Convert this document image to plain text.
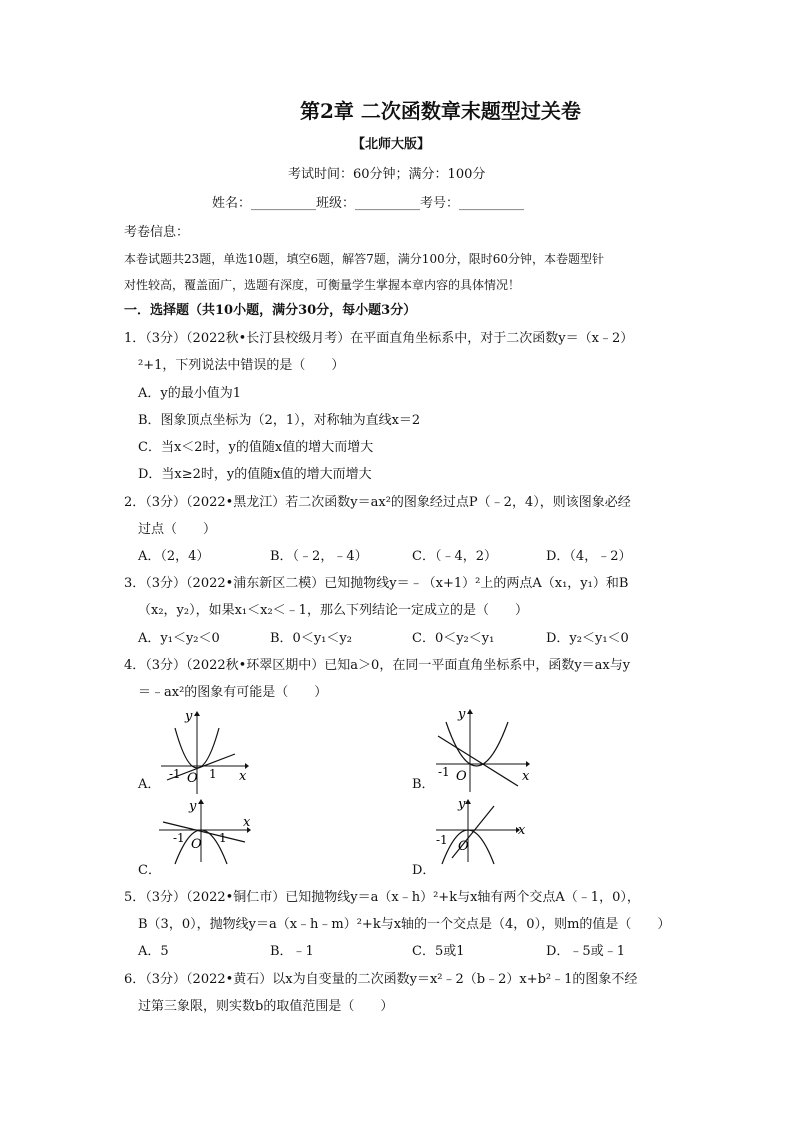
第2章 二次函数章末题型过关卷
【北师大版】
考试时间：60分钟；满分：100分
姓名：__________班级：__________考号：__________
考卷信息：
本卷试题共23题，单选10题，填空6题，解答7题，满分100分，限时60分钟，本卷题型针
对性较高，覆盖面广，选题有深度，可衡量学生掌握本章内容的具体情况！
一．选择题（共10小题，满分30分，每小题3分）
1．（3分）（2022秋•长汀县校级月考）在平面直角坐标系中，对于二次函数y＝（x﹣2）
²+1，下列说法中错误的是（　　）
A．y的最小值为1
B．图象顶点坐标为（2，1），对称轴为直线x＝2
C．当x＜2时，y的值随x值的增大而增大
D．当x≥2时，y的值随x值的增大而增大
2．（3分）（2022•黑龙江）若二次函数y＝ax²的图象经过点P（﹣2，4），则该图象必经
过点（　　）
A．（2，4）	B．（﹣2，﹣4）	C．（﹣4，2）	D．（4，﹣2）
3．（3分）（2022•浦东新区二模）已知抛物线y＝﹣（x+1）²上的两点A（x₁，y₁）和B
（x₂，y₂），如果x₁＜x₂＜﹣1，那么下列结论一定成立的是（　　）
A．y₁＜y₂＜0	B．0＜y₁＜y₂	C．0＜y₂＜y₁	D．y₂＜y₁＜0
4．（3分）（2022秋•环翠区期中）已知a＞0，在同一平面直角坐标系中，函数y＝ax与y
＝﹣ax²的图象有可能是（　　）
x
y
O 1
-1
A．
x
y
O
-1
B．
x
y
O 1
-1
C．
x
y
O
-1
D．
5．（3分）（2022•铜仁市）已知抛物线y＝a（x﹣h）²+k与x轴有两个交点A（﹣1，0），
B（3，0），抛物线y＝a（x﹣h﹣m）²+k与x轴的一个交点是（4，0），则m的值是（　　）
A．5	B．﹣1	C．5或1	D．﹣5或﹣1
6．（3分）（2022•黄石）以x为自变量的二次函数y＝x²﹣2（b﹣2）x+b²﹣1的图象不经
过第三象限，则实数b的取值范围是（　　）
